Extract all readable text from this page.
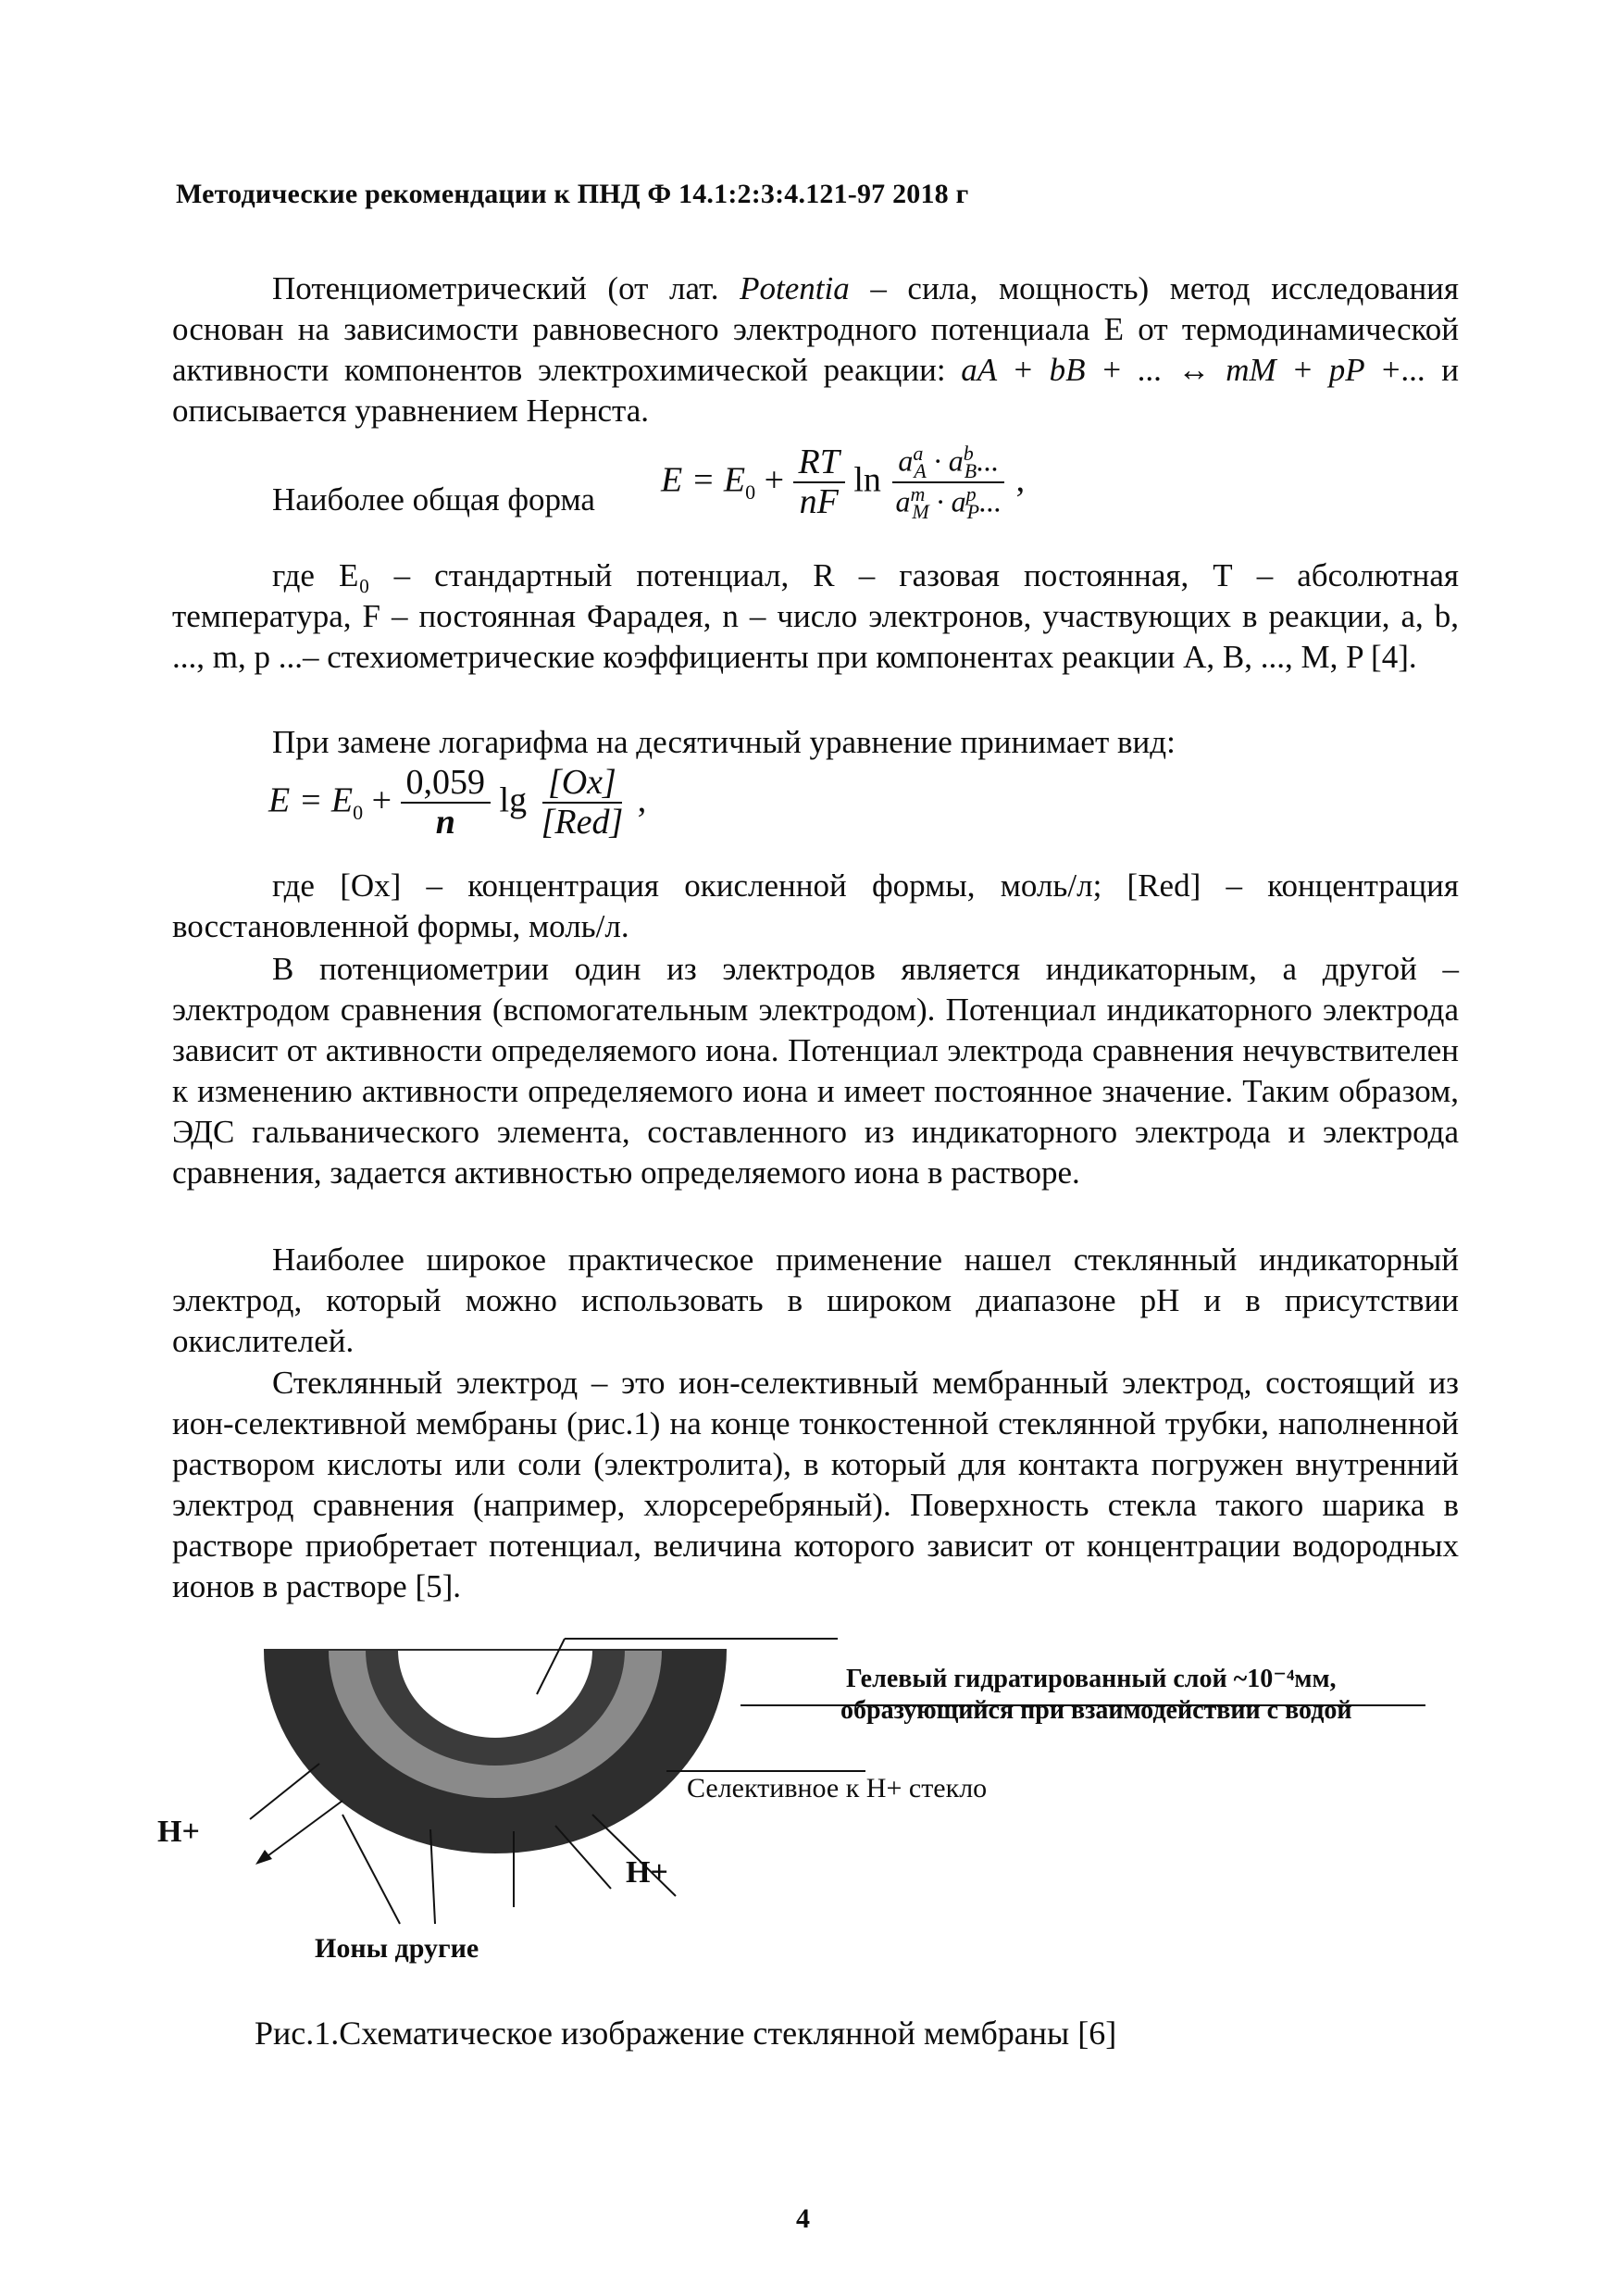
Методические рекомендации к ПНД Ф 14.1:2:3:4.121-97 2018 г

Потенциометрический (от лат. Potentia – сила, мощность) метод исследования основан на зависимости равновесного электродного потенциала Е от термодинамической активности компонентов электрохимической реакции: aA + bB + ... ↔ mM + pP +... и описывается уравнением Нернста.

Наиболее общая форма
$E = E_0 + \frac{RT}{nF}$ $\ln \frac{a^a_A \cdot a^b_B...}{a^m_M \cdot a^p_P...}$ ,

где E₀ – стандартный потенциал, R – газовая постоянная, Т – абсолютная температура, F – постоянная Фарадея, n – число электронов, участвующих в реакции, a, b, ..., m, p ...– стехиометрические коэффициенты при компонентах реакции A, B, ..., M, P [4].

При замене логарифма на десятичный уравнение принимает вид:

$E = E_0 + \frac{0,059}{n}$ $\lg \frac{[Ox]}{\text{[Red]}}$ ,

где [Ox] – концентрация окисленной формы, моль/л; [Red] – концентрация восстановленной формы, моль/л.

В потенциометрии один из электродов является индикаторным, а другой – электродом сравнения (вспомогательным электродом). Потенциал индикаторного электрода зависит от активности определяемого иона. Потенциал электрода сравнения нечувствителен к изменению активности определяемого иона и имеет постоянное значение. Таким образом, ЭДС гальванического элемента, составленного из индикаторного электрода и электрода сравнения, задается активностью определяемого иона в растворе.

Наиболее широкое практическое применение нашел стеклянный индикаторный электрод, который можно использовать в широком диапазоне pH и в присутствии окислителей.

Стеклянный электрод – это ион-селективный мембранный электрод, состоящий из ион-селективной мембраны (рис.1) на конце тонкостенной стеклянной трубки, наполненной раствором кислоты или соли (электролита), в который для контакта погружен внутренний электрод сравнения (например, хлорсеребряный). Поверхность стекла такого шарика в растворе приобретает потенциал, величина которого зависит от концентрации водородных ионов в растворе [5].

Гелевый гидратированный слой ~10⁻⁴мм,
образующийся при взаимодействии с водой
Селективное к Н+ стекло
Н+
Н+
Ионы другие
Рис.1.Схематическое изображение стеклянной мембраны [6]
4
